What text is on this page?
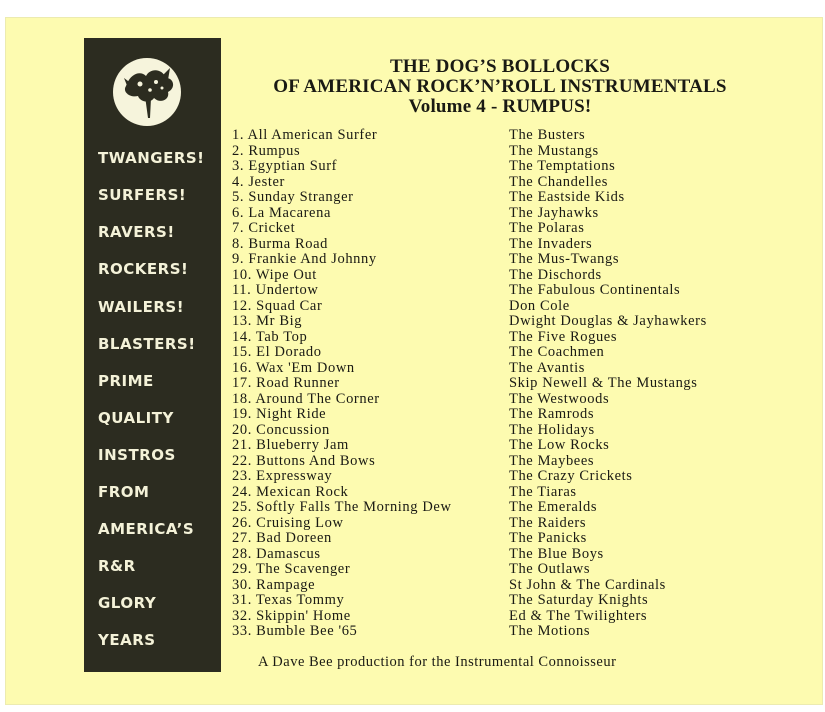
TWANGERS!
SURFERS!
RAVERS!
ROCKERS!
WAILERS!
BLASTERS!
PRIME
QUALITY
INSTROS
FROM
AMERICA’S
R&R
GLORY
YEARS
THE DOG’S BOLLOCKS
OF AMERICAN ROCK’N’ROLL INSTRUMENTALS
Volume 4 - RUMPUS!
1. All American Surfer	The Busters
2. Rumpus	The Mustangs
3. Egyptian Surf	The Temptations
4. Jester	The Chandelles
5. Sunday Stranger	The Eastside Kids
6. La Macarena	The Jayhawks
7. Cricket	The Polaras
8. Burma Road	The Invaders
9. Frankie And Johnny	The Mus-Twangs
10. Wipe Out	The Dischords
11. Undertow	The Fabulous Continentals
12. Squad Car	Don Cole
13. Mr Big	Dwight Douglas & Jayhawkers
14. Tab Top	The Five Rogues
15. El Dorado	The Coachmen
16. Wax 'Em Down	The Avantis
17. Road Runner	Skip Newell & The Mustangs
18. Around The Corner	The Westwoods
19. Night Ride	The Ramrods
20. Concussion	The Holidays
21. Blueberry Jam	The Low Rocks
22. Buttons And Bows	The Maybees
23. Expressway	The Crazy Crickets
24. Mexican Rock	The Tiaras
25. Softly Falls The Morning Dew	The Emeralds
26. Cruising Low	The Raiders
27. Bad Doreen	The Panicks
28. Damascus	The Blue Boys
29. The Scavenger	The Outlaws
30. Rampage	St John & The Cardinals
31. Texas Tommy	The Saturday Knights
32. Skippin' Home	Ed & The Twilighters
33. Bumble Bee '65	The Motions
A Dave Bee production for the Instrumental Connoisseur
